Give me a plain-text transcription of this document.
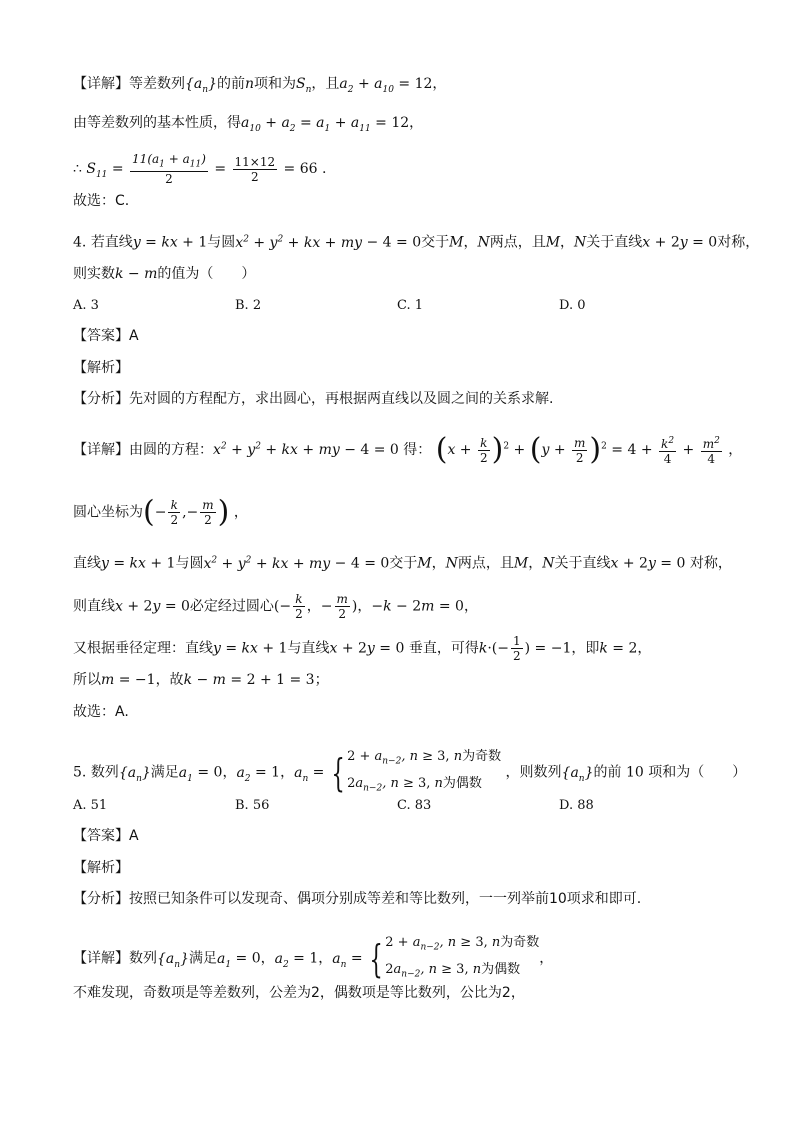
【详解】等差数列$\{a_n\}$的前n项和为$S_n$，且$a_2 + a_{10} = 12$，
由等差数列的基本性质，得$a_{10} + a_2 = a_1 + a_{11} = 12$，
∴ $S_{11} = \frac{11(a_1 + a_{11})}{2} = \frac{11\times 12}{2} = 66$ .
故选：C.
4. 若直线y = kx + 1与圆$x^2 + y^2$ + kx + my − 4 = 0交于M，N两点，且M，N关于直线x + 2y = 0对称，
则实数k − m的值为（　　）
A. 3	B. 2	C. 1	D. 0
【答案】A
【解析】
【分析】先对圆的方程配方，求出圆心，再根据两直线以及圆之间的关系求解.
【详解】由圆的方程：$x^2 + y^2$ + kx + my − 4 = 0 得： $(x + \frac{k}{2} )^2 + (y + \frac{m}{2} )^2 = 4 + \frac{k^2}{4} + \frac{m^2}{4}$ ，
圆心坐标为(− $\frac{k}{2}$ ,− $\frac{m}{2}$ ) ，
直线y = kx + 1与圆$x^2 + y^2$ + kx + my − 4 = 0交于M，N两点，且M，N关于直线x + 2y = 0 对称，
则直线x + 2y = 0必定经过圆心(− $\frac{k}{2}$ ，− $\frac{m}{2}$ )，−k − 2m = 0，
又根据垂径定理：直线y = kx + 1与直线x + 2y = 0 垂直，可得$k\cdot(- \frac{1}{2}$ ) = −1，即k = 2，
所以m = −1，故k − m = 2 + 1 = 3；
故选：A.
5. 数列$\{a_n\}$满足$a_1 = 0$，$a_2 = 1$，$a_n$ = { $2 + a_{n-2}$, n ≥ 3, n为奇数
$2a_{n-2}$, n ≥ 3, n为偶数
，则数列$\{a_n\}$的前 10 项和为（　　）
A. 51	B. 56	C. 83	D. 88
【答案】A
【解析】
【分析】按照已知条件可以发现奇、偶项分别成等差和等比数列，一一列举前10项求和即可.
【详解】数列$\{a_n\}$满足$a_1 = 0$，$a_2 = 1$，$a_n$ = { $2 + a_{n-2}$, n ≥ 3, n为奇数
$2a_{n-2}$, n ≥ 3, n为偶数
，
不难发现，奇数项是等差数列，公差为2，偶数项是等比数列，公比为2，
